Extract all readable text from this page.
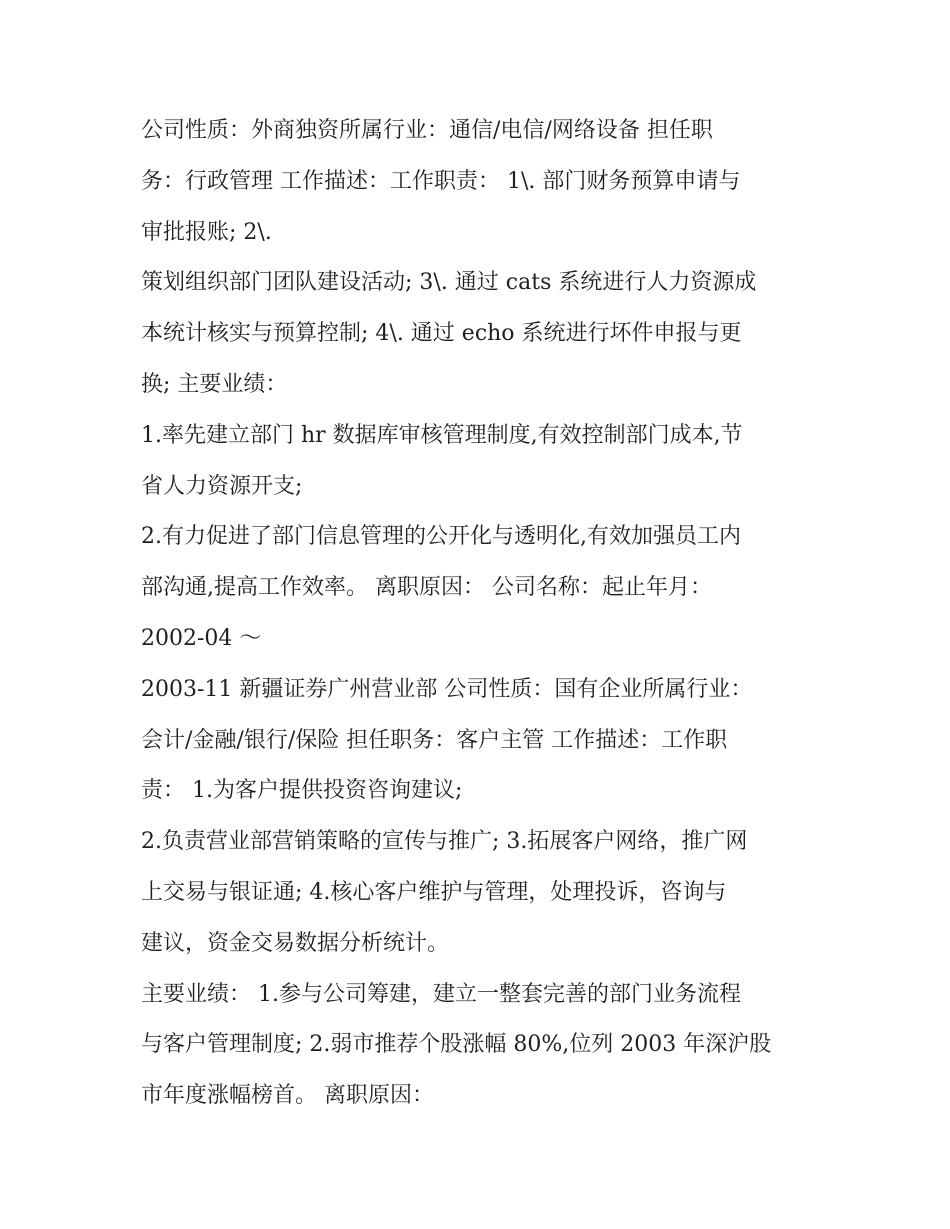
公司性质：外商独资所属行业：通信/电信/网络设备 担任职
务：行政管理 工作描述：工作职责： 1\. 部门财务预算申请与
审批报账; 2\.
策划组织部门团队建设活动; 3\. 通过 cats 系统进行人力资源成
本统计核实与预算控制; 4\. 通过 echo 系统进行坏件申报与更
换; 主要业绩：
1.率先建立部门 hr 数据库审核管理制度,有效控制部门成本,节
省人力资源开支;
2.有力促进了部门信息管理的公开化与透明化,有效加强员工内
部沟通,提高工作效率。 离职原因： 公司名称：起止年月：
2002-04 ～
2003-11 新疆证券广州营业部 公司性质：国有企业所属行业：
会计/金融/银行/保险 担任职务：客户主管 工作描述：工作职
责： 1.为客户提供投资咨询建议;
2.负责营业部营销策略的宣传与推广; 3.拓展客户网络，推广网
上交易与银证通; 4.核心客户维护与管理，处理投诉，咨询与
建议，资金交易数据分析统计。
主要业绩： 1.参与公司筹建，建立一整套完善的部门业务流程
与客户管理制度; 2.弱市推荐个股涨幅 80%,位列 2003 年深沪股
市年度涨幅榜首。 离职原因：
